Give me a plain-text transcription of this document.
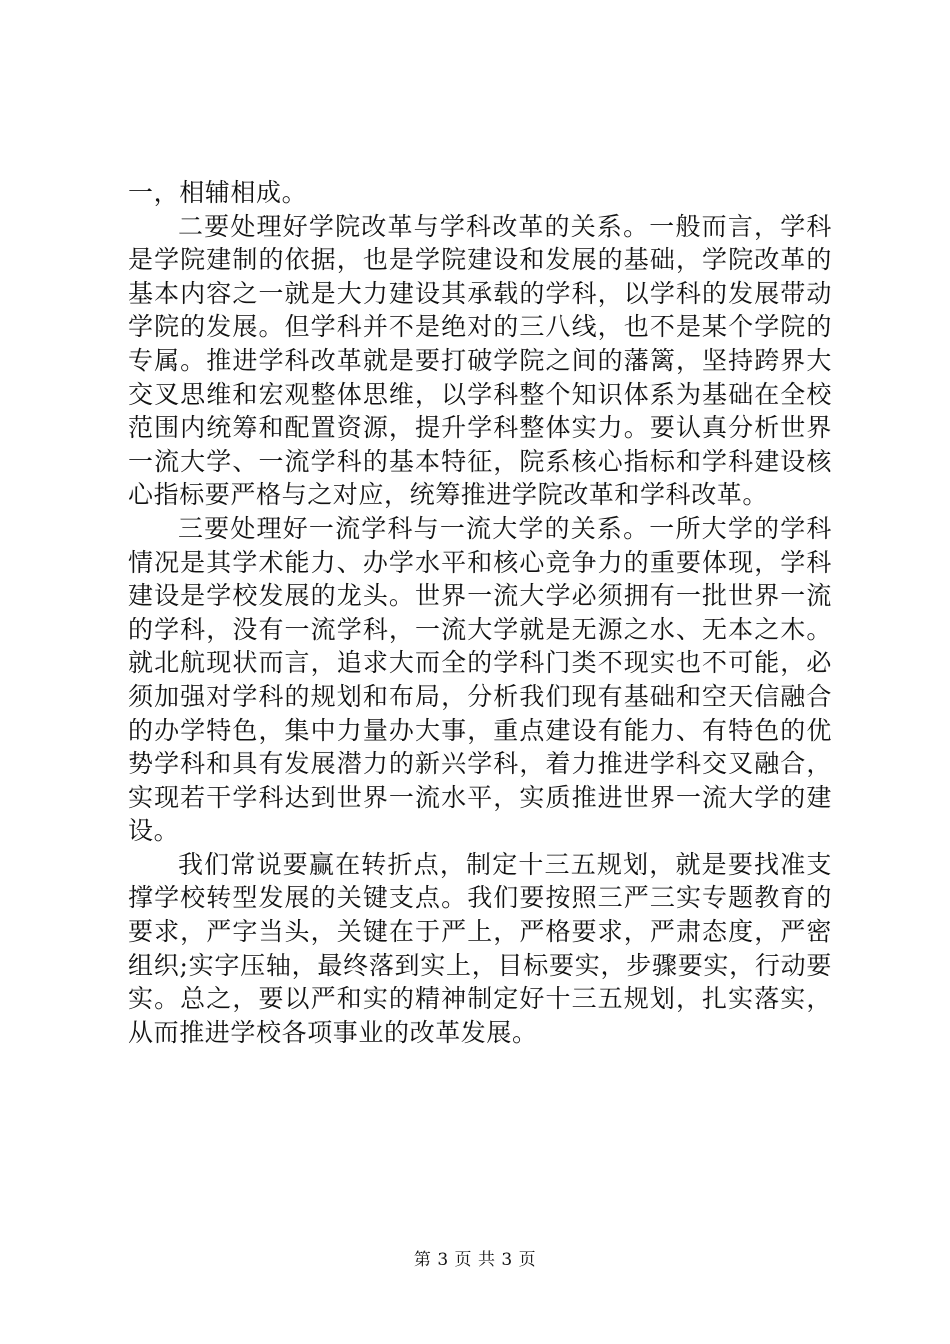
一，相辅相成。

二要处理好学院改革与学科改革的关系。一般而言，学科是学院建制的依据，也是学院建设和发展的基础，学院改革的基本内容之一就是大力建设其承载的学科，以学科的发展带动学院的发展。但学科并不是绝对的三八线，也不是某个学院的专属。推进学科改革就是要打破学院之间的藩篱，坚持跨界大交叉思维和宏观整体思维，以学科整个知识体系为基础在全校范围内统筹和配置资源，提升学科整体实力。要认真分析世界一流大学、一流学科的基本特征，院系核心指标和学科建设核心指标要严格与之对应，统筹推进学院改革和学科改革。

三要处理好一流学科与一流大学的关系。一所大学的学科情况是其学术能力、办学水平和核心竞争力的重要体现，学科建设是学校发展的龙头。世界一流大学必须拥有一批世界一流的学科，没有一流学科，一流大学就是无源之水、无本之木。就北航现状而言，追求大而全的学科门类不现实也不可能，必须加强对学科的规划和布局，分析我们现有基础和空天信融合的办学特色，集中力量办大事，重点建设有能力、有特色的优势学科和具有发展潜力的新兴学科，着力推进学科交叉融合，实现若干学科达到世界一流水平，实质推进世界一流大学的建设。

我们常说要赢在转折点，制定十三五规划，就是要找准支撑学校转型发展的关键支点。我们要按照三严三实专题教育的要求，严字当头，关键在于严上，严格要求，严肃态度，严密组织;实字压轴，最终落到实上，目标要实，步骤要实，行动要实。总之，要以严和实的精神制定好十三五规划，扎实落实，从而推进学校各项事业的改革发展。

第 3 页 共 3 页
